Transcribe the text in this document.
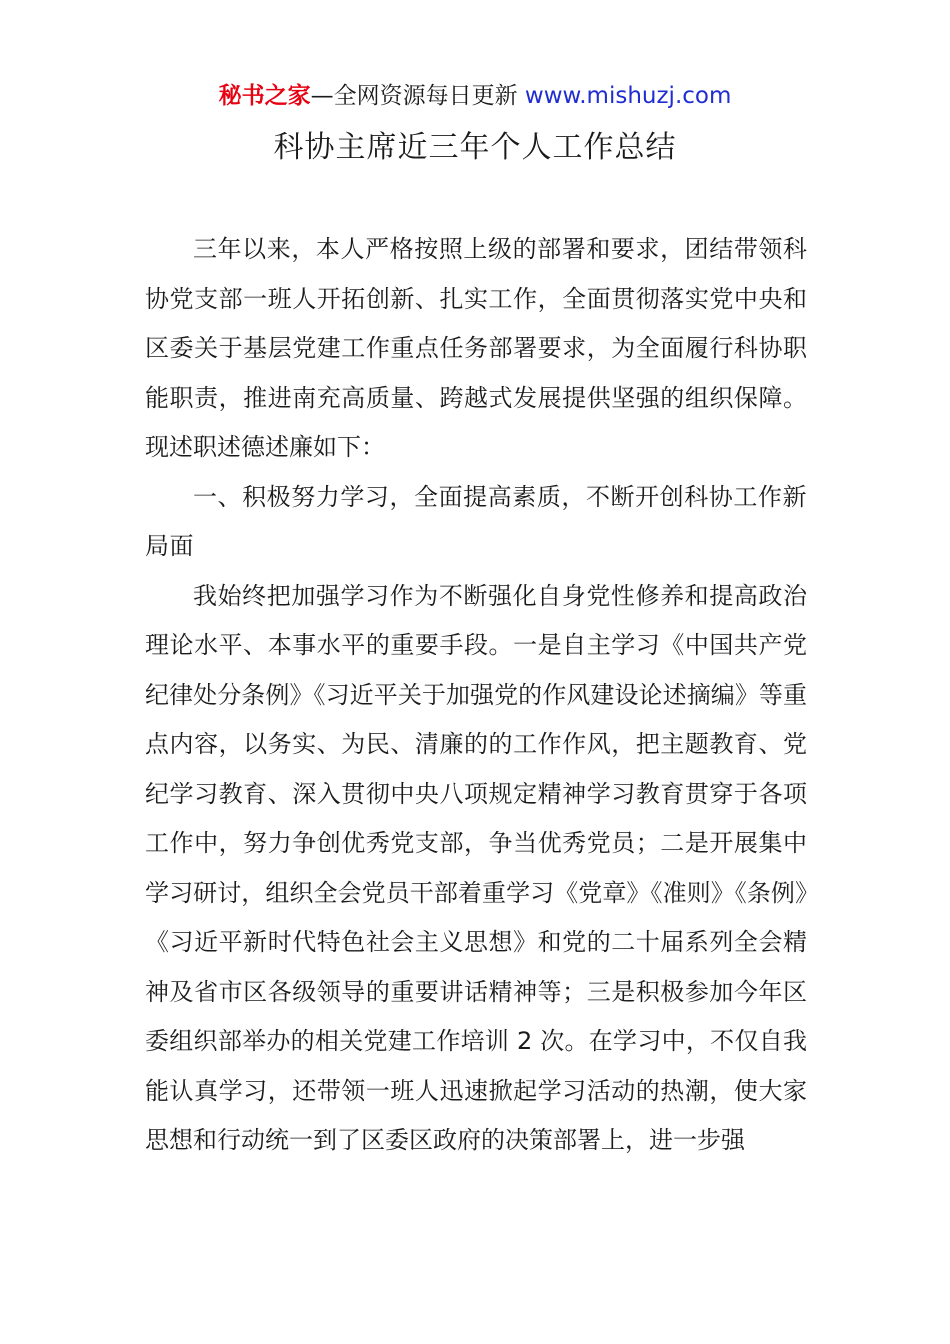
秘书之家—全网资源每日更新 www.mishuzj.com
科协主席近三年个人工作总结

三年以来，本人严格按照上级的部署和要求，团结带领科协党支部一班人开拓创新、扎实工作，全面贯彻落实党中央和区委关于基层党建工作重点任务部署要求，为全面履行科协职能职责，推进南充高质量、跨越式发展提供坚强的组织保障。现述职述德述廉如下：

一、积极努力学习，全面提高素质，不断开创科协工作新局面

我始终把加强学习作为不断强化自身党性修养和提高政治理论水平、本事水平的重要手段。一是自主学习《中国共产党纪律处分条例》《习近平关于加强党的作风建设论述摘编》等重点内容，以务实、为民、清廉的的工作作风，把主题教育、党纪学习教育、深入贯彻中央八项规定精神学习教育贯穿于各项工作中，努力争创优秀党支部，争当优秀党员；二是开展集中学习研讨，组织全会党员干部着重学习《党章》《准则》《条例》《习近平新时代特色社会主义思想》和党的二十届系列全会精神及省市区各级领导的重要讲话精神等；三是积极参加今年区委组织部举办的相关党建工作培训 2 次。在学习中，不仅自我能认真学习，还带领一班人迅速掀起学习活动的热潮，使大家思想和行动统一到了区委区政府的决策部署上，进一步强
